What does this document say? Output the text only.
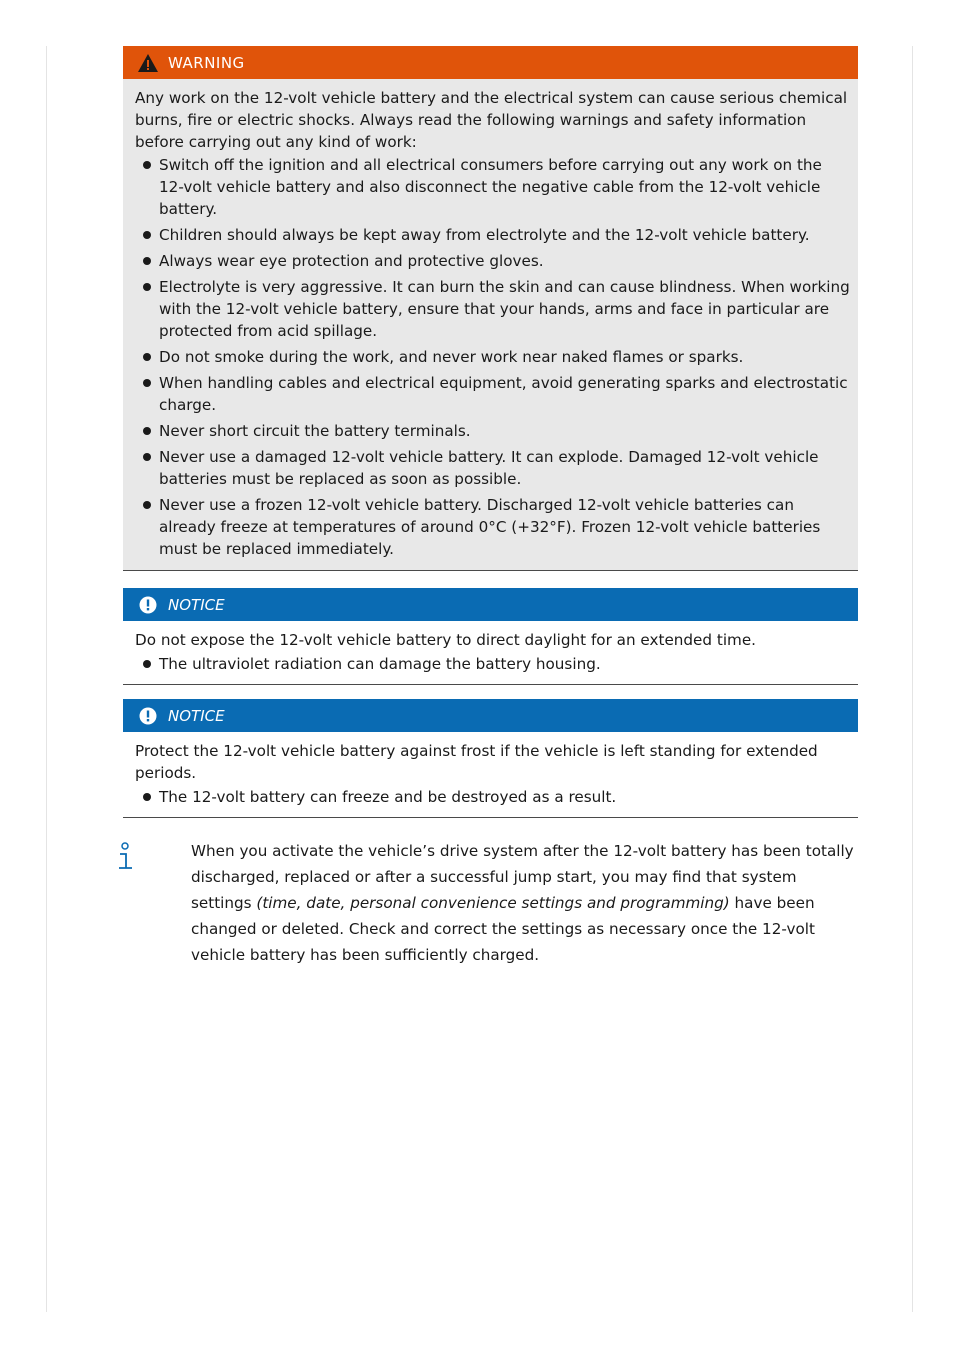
WARNING

Any work on the 12-volt vehicle battery and the electrical system can cause serious chemical burns, fire or electric shocks. Always read the following warnings and safety information before carrying out any kind of work:

Switch off the ignition and all electrical consumers before carrying out any work on the 12-volt vehicle battery and also disconnect the negative cable from the 12-volt vehicle battery.
Children should always be kept away from electrolyte and the 12-volt vehicle battery.
Always wear eye protection and protective gloves.
Electrolyte is very aggressive. It can burn the skin and can cause blindness. When working with the 12-volt vehicle battery, ensure that your hands, arms and face in particular are protected from acid spillage.
Do not smoke during the work, and never work near naked flames or sparks.
When handling cables and electrical equipment, avoid generating sparks and electrostatic charge.
Never short circuit the battery terminals.
Never use a damaged 12-volt vehicle battery. It can explode. Damaged 12-volt vehicle batteries must be replaced as soon as possible.
Never use a frozen 12-volt vehicle battery. Discharged 12-volt vehicle batteries can already freeze at temperatures of around 0°C (+32°F). Frozen 12-volt vehicle batteries must be replaced immediately.
NOTICE

Do not expose the 12-volt vehicle battery to direct daylight for an extended time.

The ultraviolet radiation can damage the battery housing.
NOTICE

Protect the 12-volt vehicle battery against frost if the vehicle is left standing for extended periods.

The 12-volt battery can freeze and be destroyed as a result.
When you activate the vehicle’s drive system after the 12-volt battery has been totally discharged, replaced or after a successful jump start, you may find that system settings (time, date, personal convenience settings and programming) have been changed or deleted. Check and correct the settings as necessary once the 12-volt vehicle battery has been sufficiently charged.
